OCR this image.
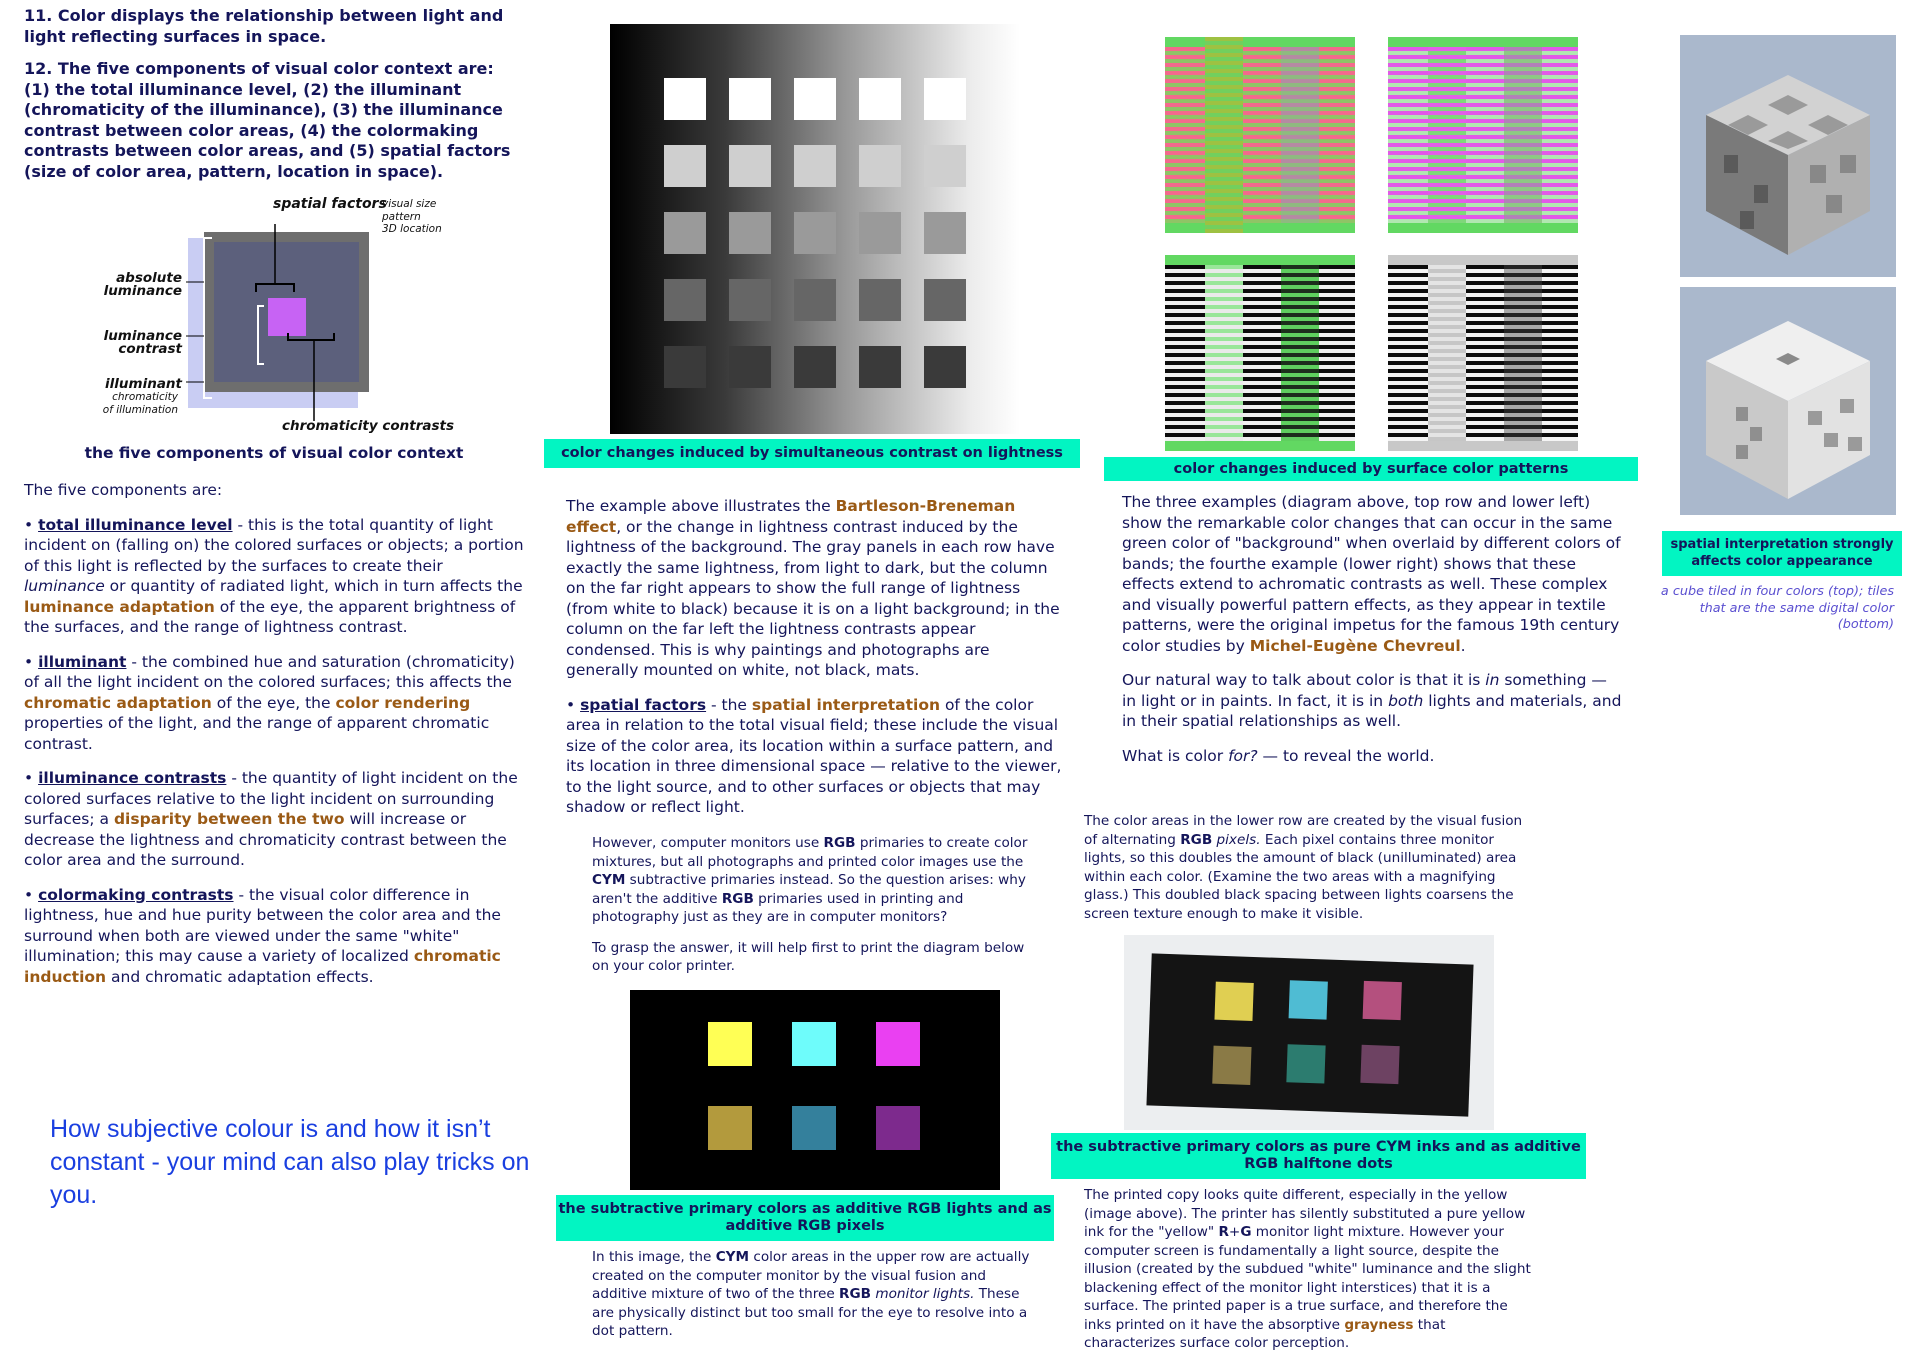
11. Color displays the relationship between light and light reflecting surfaces in space.

12. The five components of visual color context are: (1) the total illuminance level, (2) the illuminant (chromaticity of the illuminance), (3) the illuminance contrast between color areas, (4) the colormaking contrasts between color areas, and (5) spatial factors (size of color area, pattern, location in space).

spatial factors
visual size
pattern
3D location
absolute
luminance
luminance
contrast
illuminant
chromaticity
of illumination
chromaticity contrasts
the five components of visual color context

The five components are:

• total illuminance level - this is the total quantity of light incident on (falling on) the colored surfaces or objects; a portion of this light is reflected by the surfaces to create their luminance or quantity of radiated light, which in turn affects the luminance adaptation of the eye, the apparent brightness of the surfaces, and the range of lightness contrast.

• illuminant - the combined hue and saturation (chromaticity) of all the light incident on the colored surfaces; this affects the chromatic adaptation of the eye, the color rendering properties of the light, and the range of apparent chromatic contrast.

• illuminance contrasts - the quantity of light incident on the colored surfaces relative to the light incident on surrounding surfaces; a disparity between the two will increase or decrease the lightness and chromaticity contrast between the color area and the surround.

• colormaking contrasts - the visual color difference in lightness, hue and hue purity between the color area and the surround when both are viewed under the same "white" illumination; this may cause a variety of localized chromatic induction and chromatic adaptation effects.

How subjective colour is and how it isn’t constant - your mind can also play tricks on you.
color changes induced by simultaneous contrast on lightness

The example above illustrates the Bartleson-Breneman effect, or the change in lightness contrast induced by the lightness of the background. The gray panels in each row have exactly the same lightness, from light to dark, but the column on the far right appears to show the full range of lightness (from white to black) because it is on a light background; in the column on the far left the lightness contrasts appear condensed. This is why paintings and photographs are generally mounted on white, not black, mats.

• spatial factors - the spatial interpretation of the color area in relation to the total visual field; these include the visual size of the color area, its location within a surface pattern, and its location in three dimensional space — relative to the viewer, to the light source, and to other surfaces or objects that may shadow or reflect light.

However, computer monitors use RGB primaries to create color mixtures, but all photographs and printed color images use the CYM subtractive primaries instead. So the question arises: why aren't the additive RGB primaries used in printing and photography just as they are in computer monitors?

To grasp the answer, it will help first to print the diagram below on your color printer.

the subtractive primary colors as additive RGB lights and as additive RGB pixels

In this image, the CYM color areas in the upper row are actually created on the computer monitor by the visual fusion and additive mixture of two of the three RGB monitor lights. These are physically distinct but too small for the eye to resolve into a dot pattern.

color changes induced by surface color patterns

The three examples (diagram above, top row and lower left) show the remarkable color changes that can occur in the same green color of "background" when overlaid by different colors of bands; the fourthe example (lower right) shows that these effects extend to achromatic contrasts as well. These complex and visually powerful pattern effects, as they appear in textile patterns, were the original impetus for the famous 19th century color studies by Michel-Eugène Chevreul.

Our natural way to talk about color is that it is in something — in light or in paints. In fact, it is in both lights and materials, and in their spatial relationships as well.

What is color for? — to reveal the world.

The color areas in the lower row are created by the visual fusion of alternating RGB pixels. Each pixel contains three monitor lights, so this doubles the amount of black (unilluminated) area within each color. (Examine the two areas with a magnifying glass.) This doubled black spacing between lights coarsens the screen texture enough to make it visible.

the subtractive primary colors as pure CYM inks and as additive RGB halftone dots

The printed copy looks quite different, especially in the yellow (image above). The printer has silently substituted a pure yellow ink for the "yellow" R+G monitor light mixture. However your computer screen is fundamentally a light source, despite the illusion (created by the subdued "white" luminance and the slight blackening effect of the monitor light interstices) that it is a surface. The printed paper is a true surface, and therefore the inks printed on it have the absorptive grayness that characterizes surface color perception.

spatial interpretation strongly affects color appearance
a cube tiled in four colors (top); tiles that are the same digital color (bottom)
